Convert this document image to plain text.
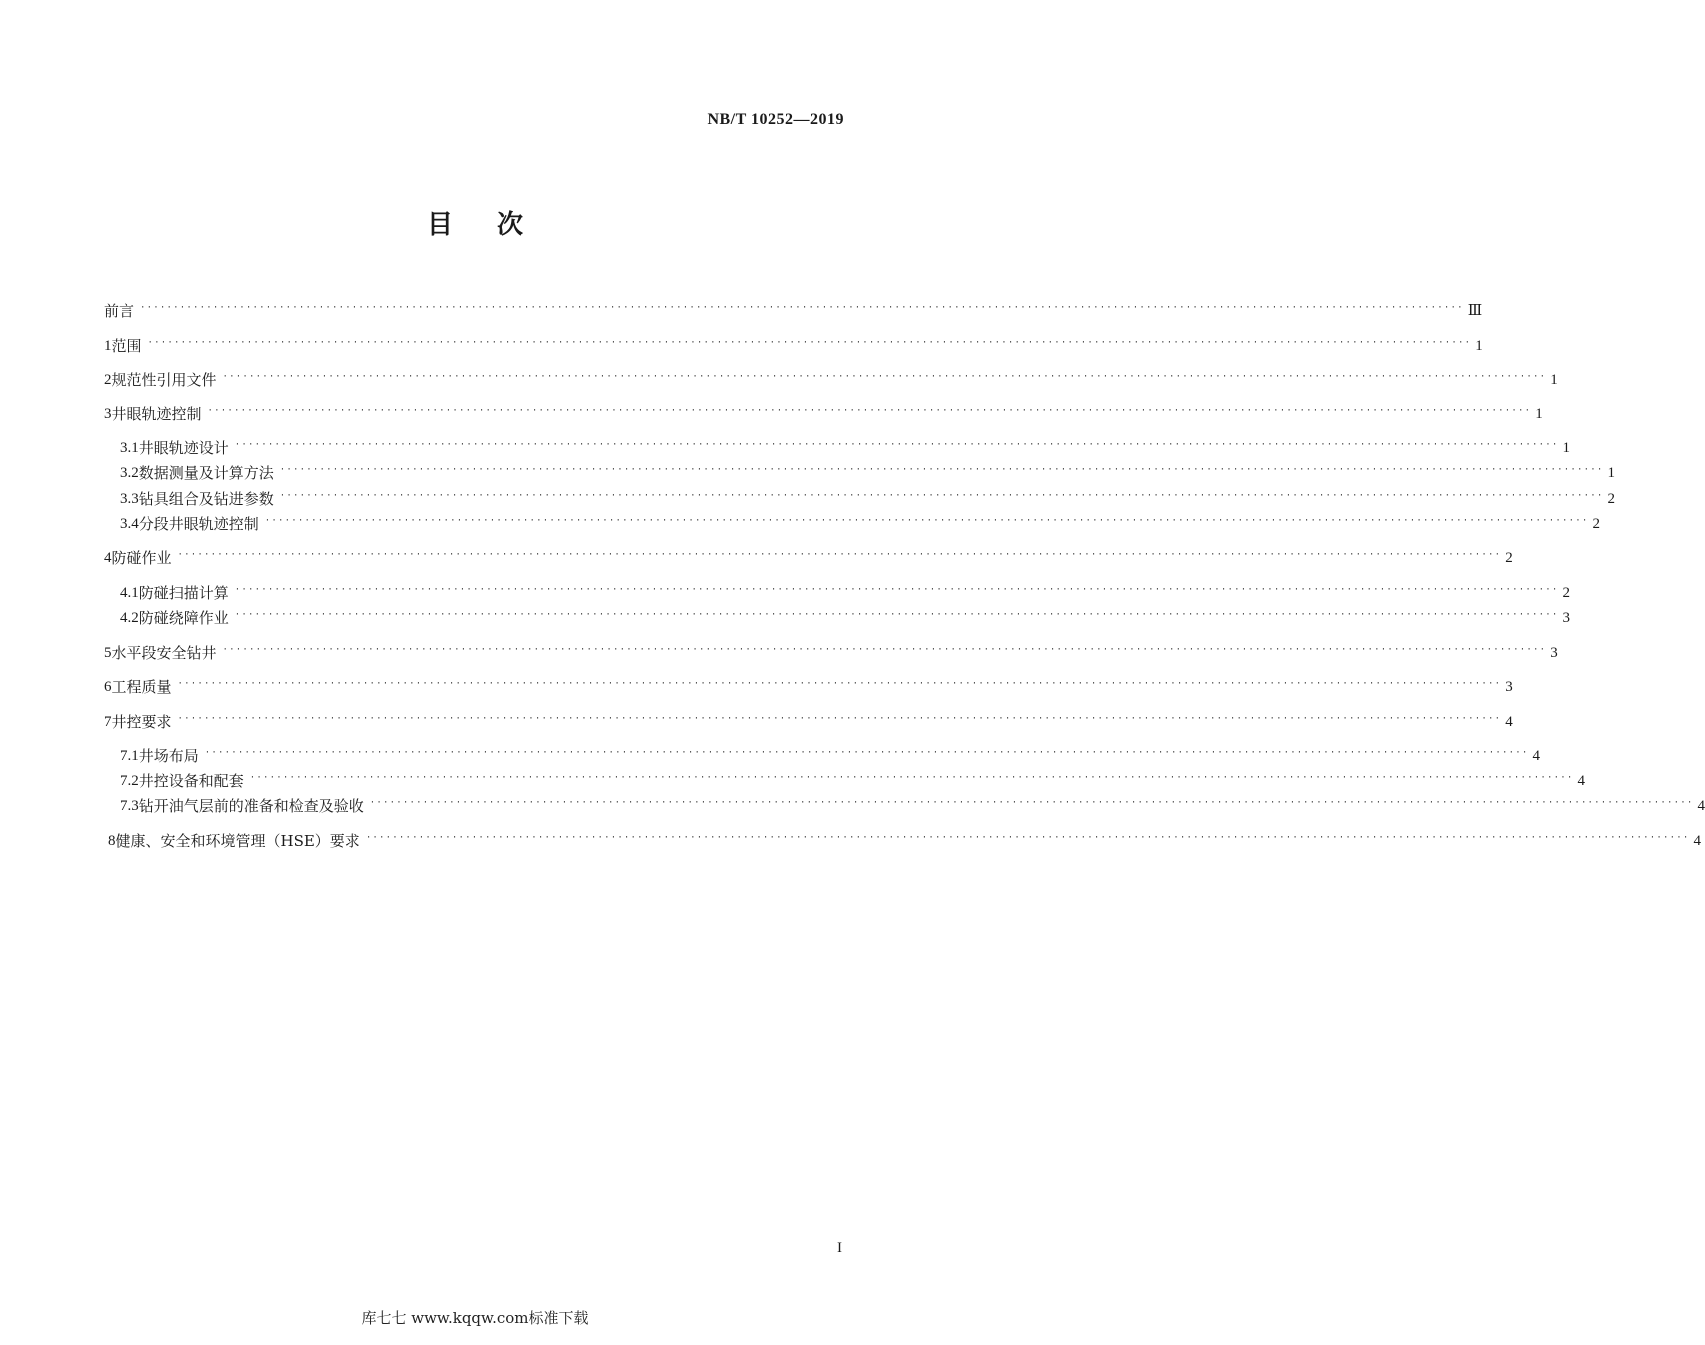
NB/T 10252—2019
目次
前言 ········································································································································································································ Ⅲ
1 范围 ········································································································································································································ 1
2 规范性引用文件 ········································································································································································································ 1
3 井眼轨迹控制 ········································································································································································································ 1
3.1 井眼轨迹设计 ········································································································································································································ 1
3.2 数据测量及计算方法 ········································································································································································································ 1
3.3 钻具组合及钻进参数 ········································································································································································································ 2
3.4 分段井眼轨迹控制 ········································································································································································································ 2
4 防碰作业 ········································································································································································································ 2
4.1 防碰扫描计算 ········································································································································································································ 2
4.2 防碰绕障作业 ········································································································································································································ 3
5 水平段安全钻井 ········································································································································································································ 3
6 工程质量 ········································································································································································································ 3
7 井控要求 ········································································································································································································ 4
7.1 井场布局 ········································································································································································································ 4
7.2 井控设备和配套 ········································································································································································································ 4
7.3 钻开油气层前的准备和检查及验收 ········································································································································································································ 4
8 健康、安全和环境管理（HSE）要求 ········································································································································································································ 4
I
库七七 www.kqqw.com标准下载
